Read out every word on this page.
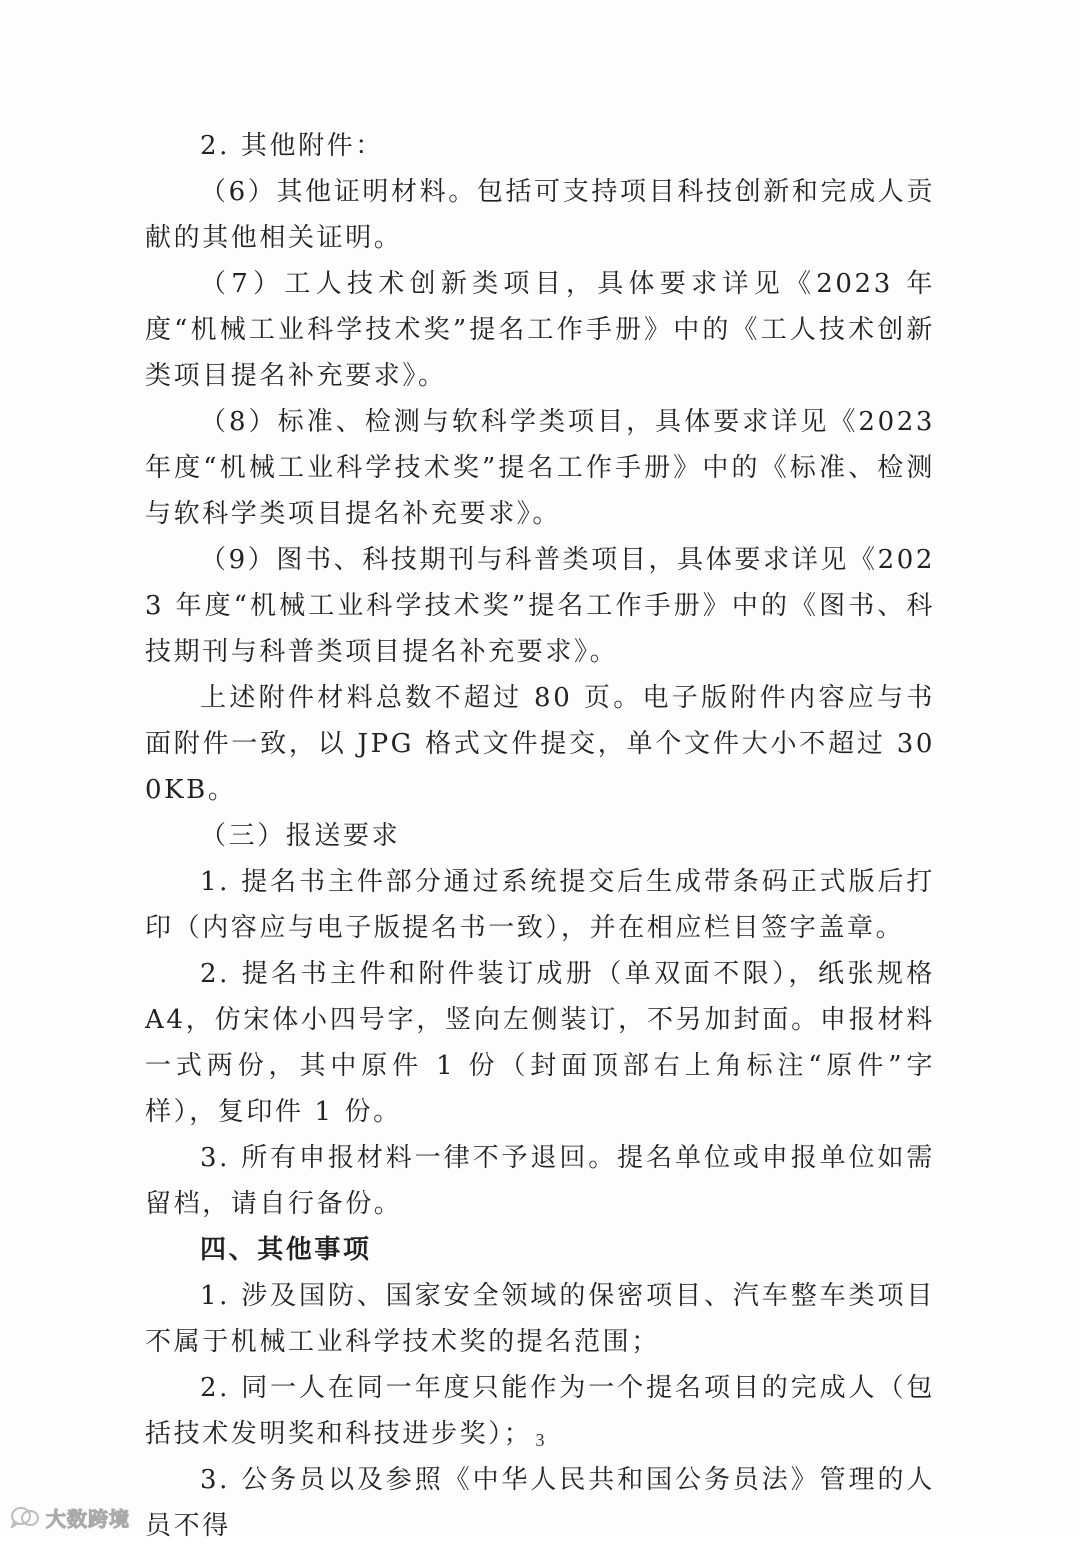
2. 其他附件：

（6）其他证明材料。包括可支持项目科技创新和完成人贡献的其他相关证明。

（7）工人技术创新类项目，具体要求详见《2023 年度“机械工业科学技术奖”提名工作手册》中的《工人技术创新类项目提名补充要求》。

（8）标准、检测与软科学类项目，具体要求详见《2023 年度“机械工业科学技术奖”提名工作手册》中的《标准、检测与软科学类项目提名补充要求》。

（9）图书、科技期刊与科普类项目，具体要求详见《2023 年度“机械工业科学技术奖”提名工作手册》中的《图书、科技期刊与科普类项目提名补充要求》。

上述附件材料总数不超过 80 页。电子版附件内容应与书面附件一致，以 JPG 格式文件提交，单个文件大小不超过 300KB。

（三）报送要求

1. 提名书主件部分通过系统提交后生成带条码正式版后打印（内容应与电子版提名书一致），并在相应栏目签字盖章。

2. 提名书主件和附件装订成册（单双面不限），纸张规格 A4，仿宋体小四号字，竖向左侧装订，不另加封面。申报材料一式两份，其中原件 1 份（封面顶部右上角标注“原件”字样），复印件 1 份。

3. 所有申报材料一律不予退回。提名单位或申报单位如需留档，请自行备份。

四、其他事项

1. 涉及国防、国家安全领域的保密项目、汽车整车类项目不属于机械工业科学技术奖的提名范围；

2. 同一人在同一年度只能作为一个提名项目的完成人（包括技术发明奖和科技进步奖）；

3. 公务员以及参照《中华人民共和国公务员法》管理的人员不得

3
大数跨境
